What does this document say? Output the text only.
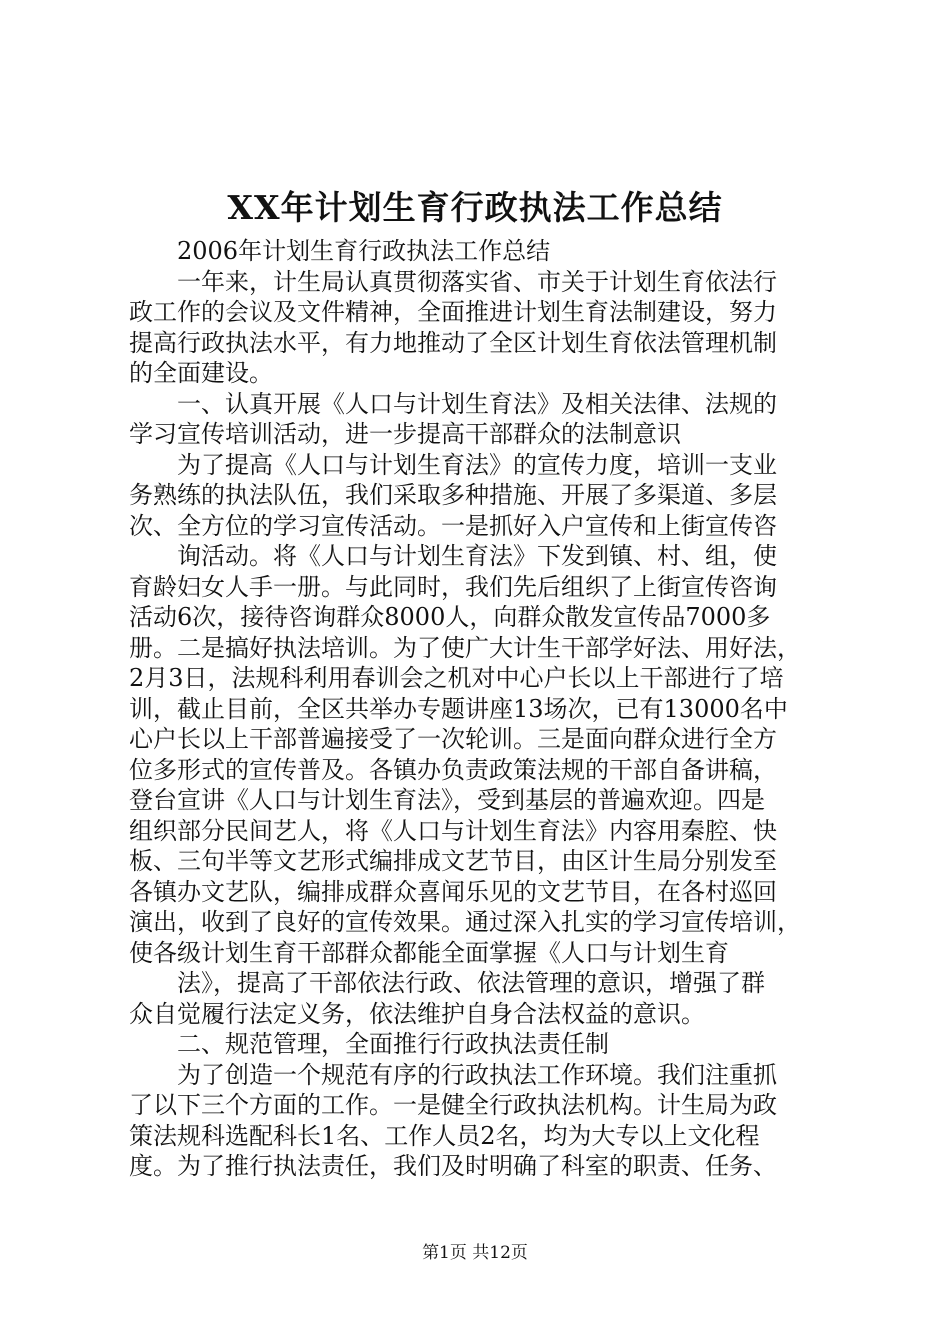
XX年计划生育行政执法工作总结
2006年计划生育行政执法工作总结
一年来，计生局认真贯彻落实省、市关于计划生育依法行
政工作的会议及文件精神，全面推进计划生育法制建设，努力
提高行政执法水平，有力地推动了全区计划生育依法管理机制
的全面建设。
一、认真开展《人口与计划生育法》及相关法律、法规的
学习宣传培训活动，进一步提高干部群众的法制意识
为了提高《人口与计划生育法》的宣传力度，培训一支业
务熟练的执法队伍，我们采取多种措施、开展了多渠道、多层
次、全方位的学习宣传活动。一是抓好入户宣传和上街宣传咨
询活动。将《人口与计划生育法》下发到镇、村、组，使
育龄妇女人手一册。与此同时，我们先后组织了上街宣传咨询
活动6次，接待咨询群众8000人，向群众散发宣传品7000多
册。二是搞好执法培训。为了使广大计生干部学好法、用好法，
2月3日，法规科利用春训会之机对中心户长以上干部进行了培
训，截止目前，全区共举办专题讲座13场次，已有13000名中
心户长以上干部普遍接受了一次轮训。三是面向群众进行全方
位多形式的宣传普及。各镇办负责政策法规的干部自备讲稿，
登台宣讲《人口与计划生育法》，受到基层的普遍欢迎。四是
组织部分民间艺人，将《人口与计划生育法》内容用秦腔、快
板、三句半等文艺形式编排成文艺节目，由区计生局分别发至
各镇办文艺队，编排成群众喜闻乐见的文艺节目，在各村巡回
演出，收到了良好的宣传效果。通过深入扎实的学习宣传培训，
使各级计划生育干部群众都能全面掌握《人口与计划生育
法》，提高了干部依法行政、依法管理的意识，增强了群
众自觉履行法定义务，依法维护自身合法权益的意识。
二、规范管理，全面推行行政执法责任制
为了创造一个规范有序的行政执法工作环境。我们注重抓
了以下三个方面的工作。一是健全行政执法机构。计生局为政
策法规科选配科长1名、工作人员2名，均为大专以上文化程
度。为了推行执法责任，我们及时明确了科室的职责、任务、
第1页 共12页
